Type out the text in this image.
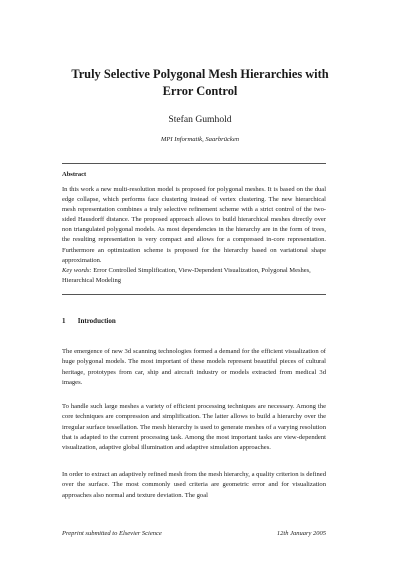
Truly Selective Polygonal Mesh Hierarchies with
Error Control
Stefan Gumhold
MPI Informatik, Saarbrücken
Abstract
In this work a new multi-resolution model is proposed for polygonal meshes. It is based on the dual edge collapse, which performs face clustering instead of vertex clustering. The new hierarchical mesh representation combines a truly selective refinement scheme with a strict control of the two-sided Hausdorff distance. The proposed approach allows to build hierarchical meshes directly over non triangulated polygonal models. As most dependencies in the hierarchy are in the form of trees, the resulting representation is very compact and allows for a compressed in-core representation. Furthermore an optimization scheme is proposed for the hierarchy based on variational shape approximation.
Key words: Error Controlled Simplification, View-Dependent Visualization, Polygonal Meshes, Hierarchical Modeling
1 Introduction
The emergence of new 3d scanning technologies formed a demand for the efficient visualization of huge polygonal models. The most important of these models represent beautiful pieces of cultural heritage, prototypes from car, ship and aircraft industry or models extracted from medical 3d images.
To handle such large meshes a variety of efficient processing techniques are necessary. Among the core techniques are compression and simplification. The latter allows to build a hierarchy over the irregular surface tessellation. The mesh hierarchy is used to generate meshes of a varying resolution that is adapted to the current processing task. Among the most important tasks are view-dependent visualization, adaptive global illumination and adaptive simulation approaches.
In order to extract an adaptively refined mesh from the mesh hierarchy, a quality criterion is defined over the surface. The most commonly used criteria are geometric error and for visualization approaches also normal and texture deviation. The goal
Preprint submitted to Elsevier Science	12th January 2005
